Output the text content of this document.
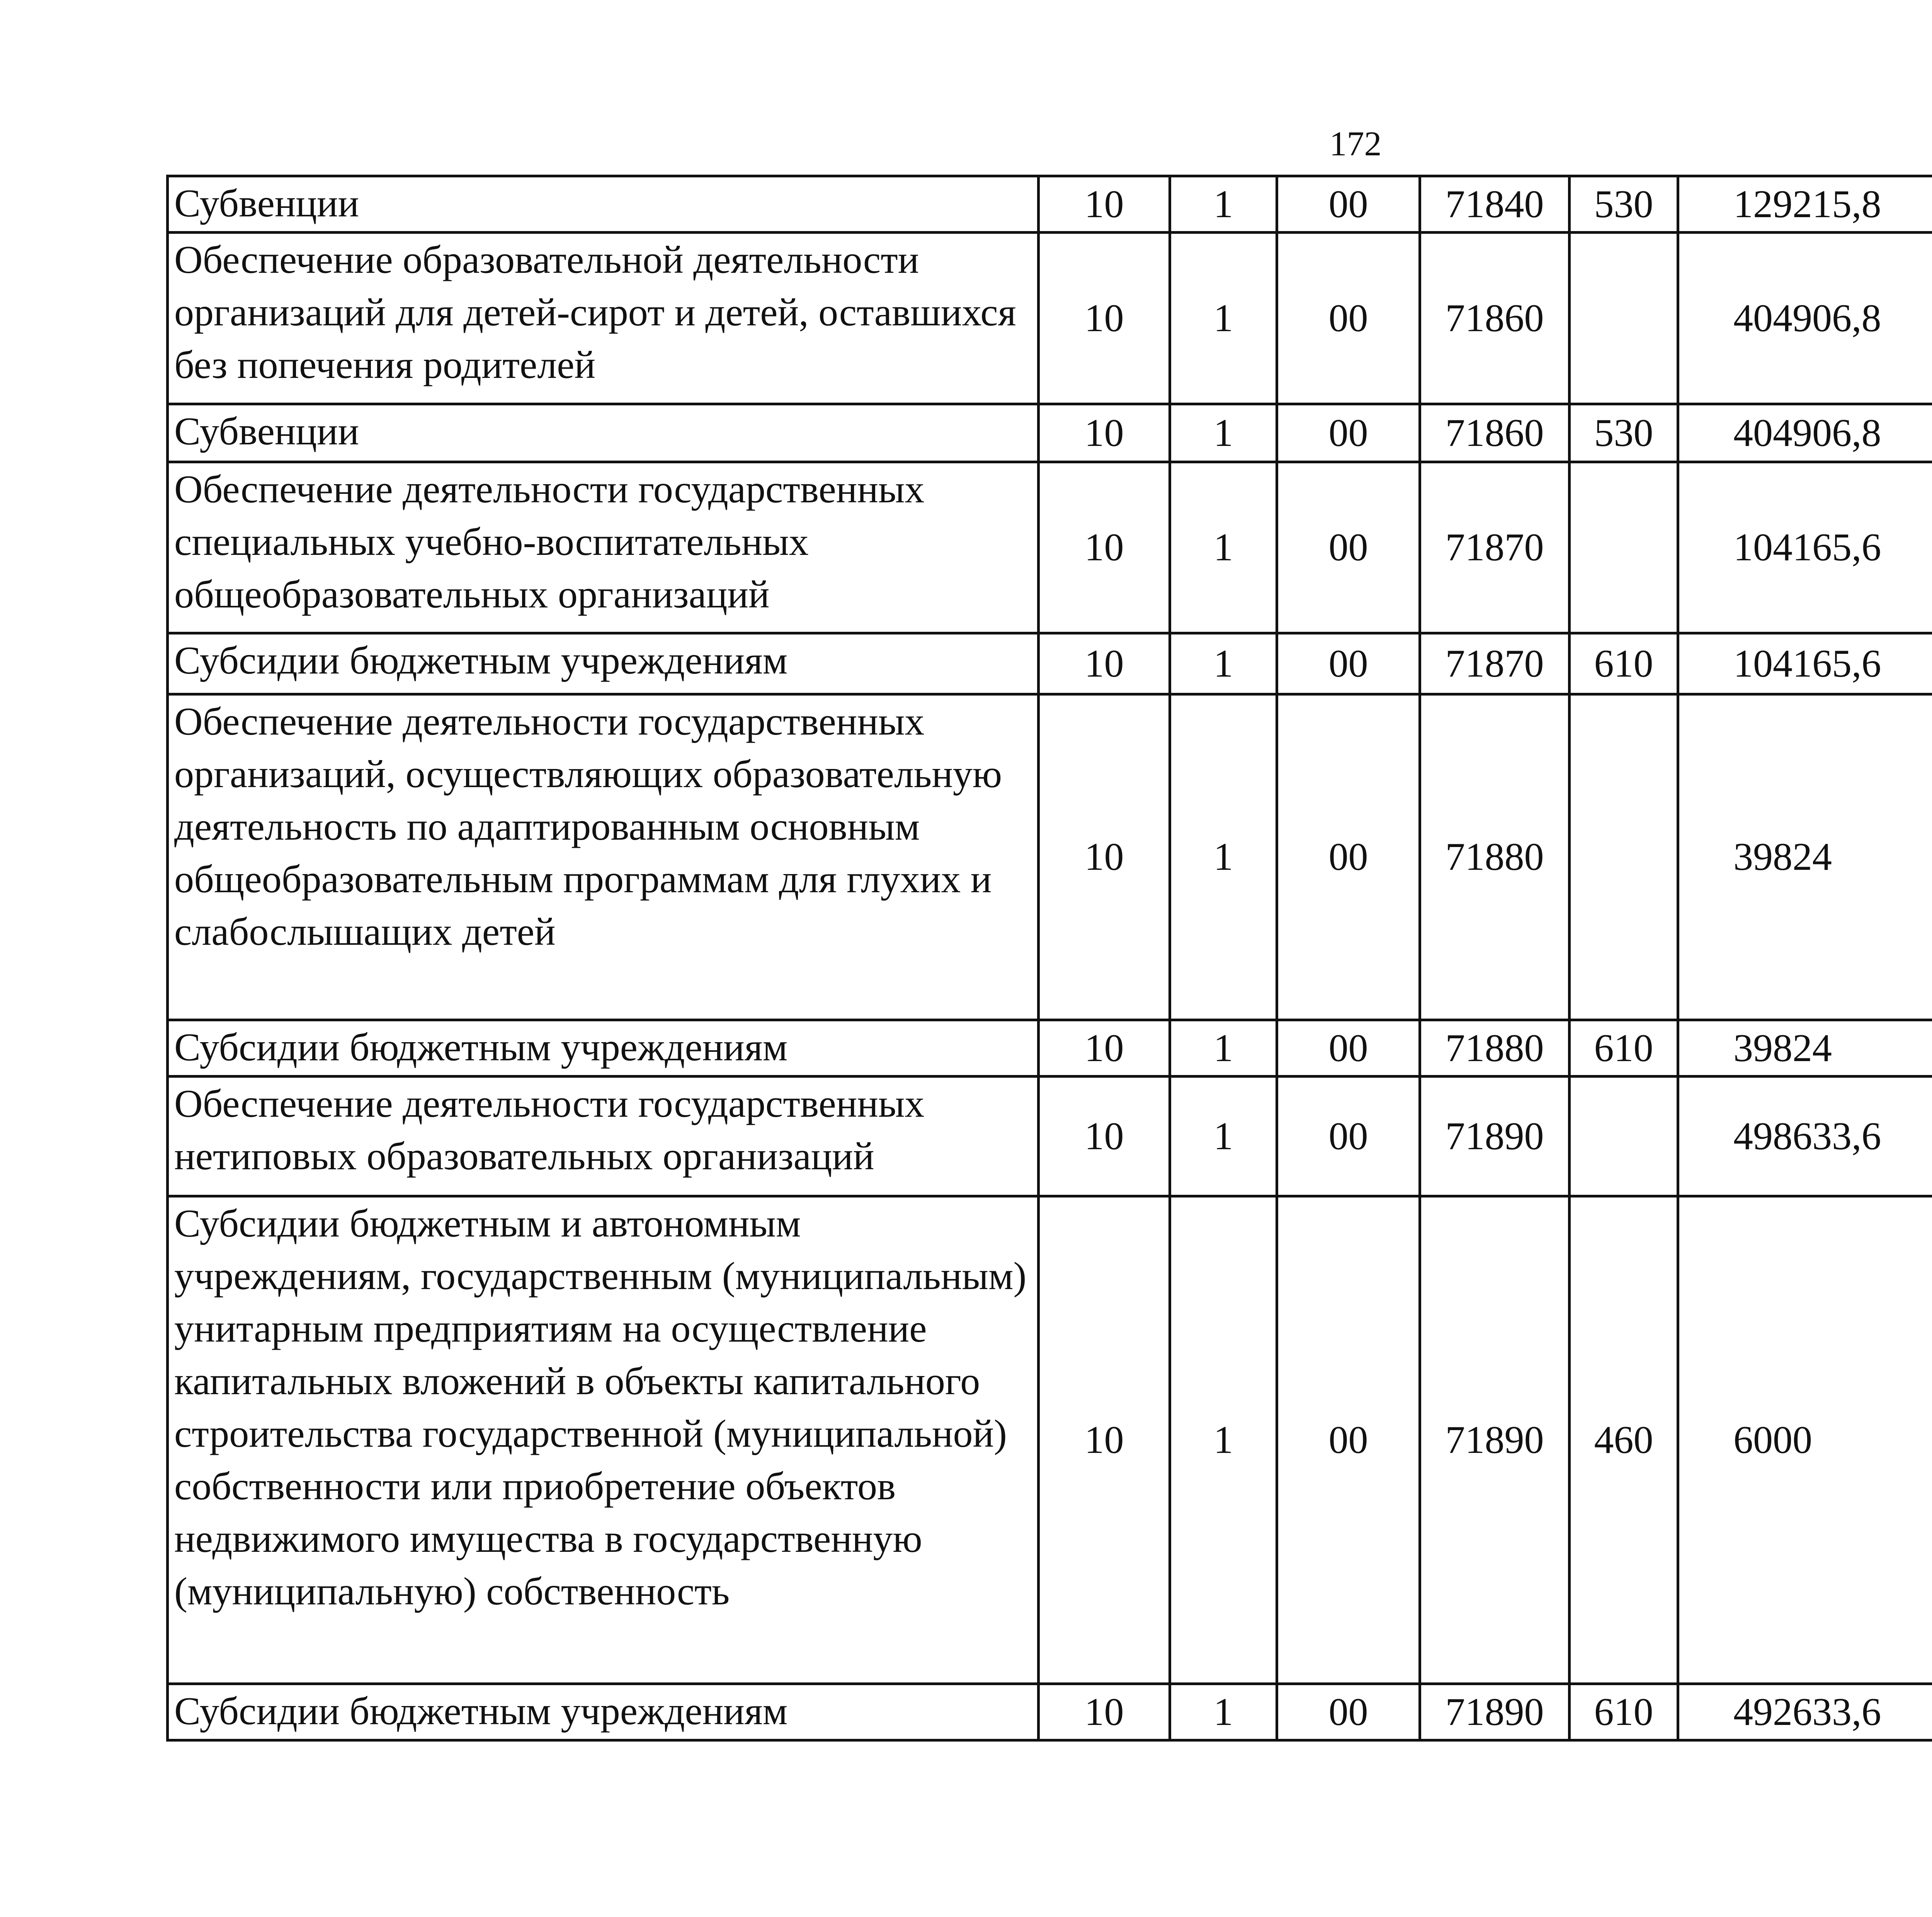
172
Субвенции	10	1	00	71840	530	129215,8		
Обеспечение образовательной деятельности организаций для детей-сирот и детей, оставшихся без попечения родителей	10	1	00	71860		404906,8		
Субвенции	10	1	00	71860	530	404906,8		
Обеспечение деятельности государственных специальных учебно-воспитательных общеобразовательных организаций	10	1	00	71870		104165,6		
Субсидии бюджетным учреждениям	10	1	00	71870	610	104165,6		
Обеспечение деятельности государственных организаций, осуществляющих образовательную деятельность по адаптированным основным общеобразовательным программам для глухих и слабослышащих детей	10	1	00	71880		39824		
Субсидии бюджетным учреждениям	10	1	00	71880	610	39824		
Обеспечение деятельности государственных нетиповых образовательных организаций	10	1	00	71890		498633,6		
Субсидии бюджетным и автономным учреждениям, государственным (муниципальным) унитарным предприятиям на осуществление капитальных вложений в объекты капитального строительства государственной (муниципальной) собственности или приобретение объектов недвижимого имущества в государственную (муниципальную) собственность	10	1	00	71890	460	6000		
Субсидии бюджетным учреждениям	10	1	00	71890	610	492633,6		
